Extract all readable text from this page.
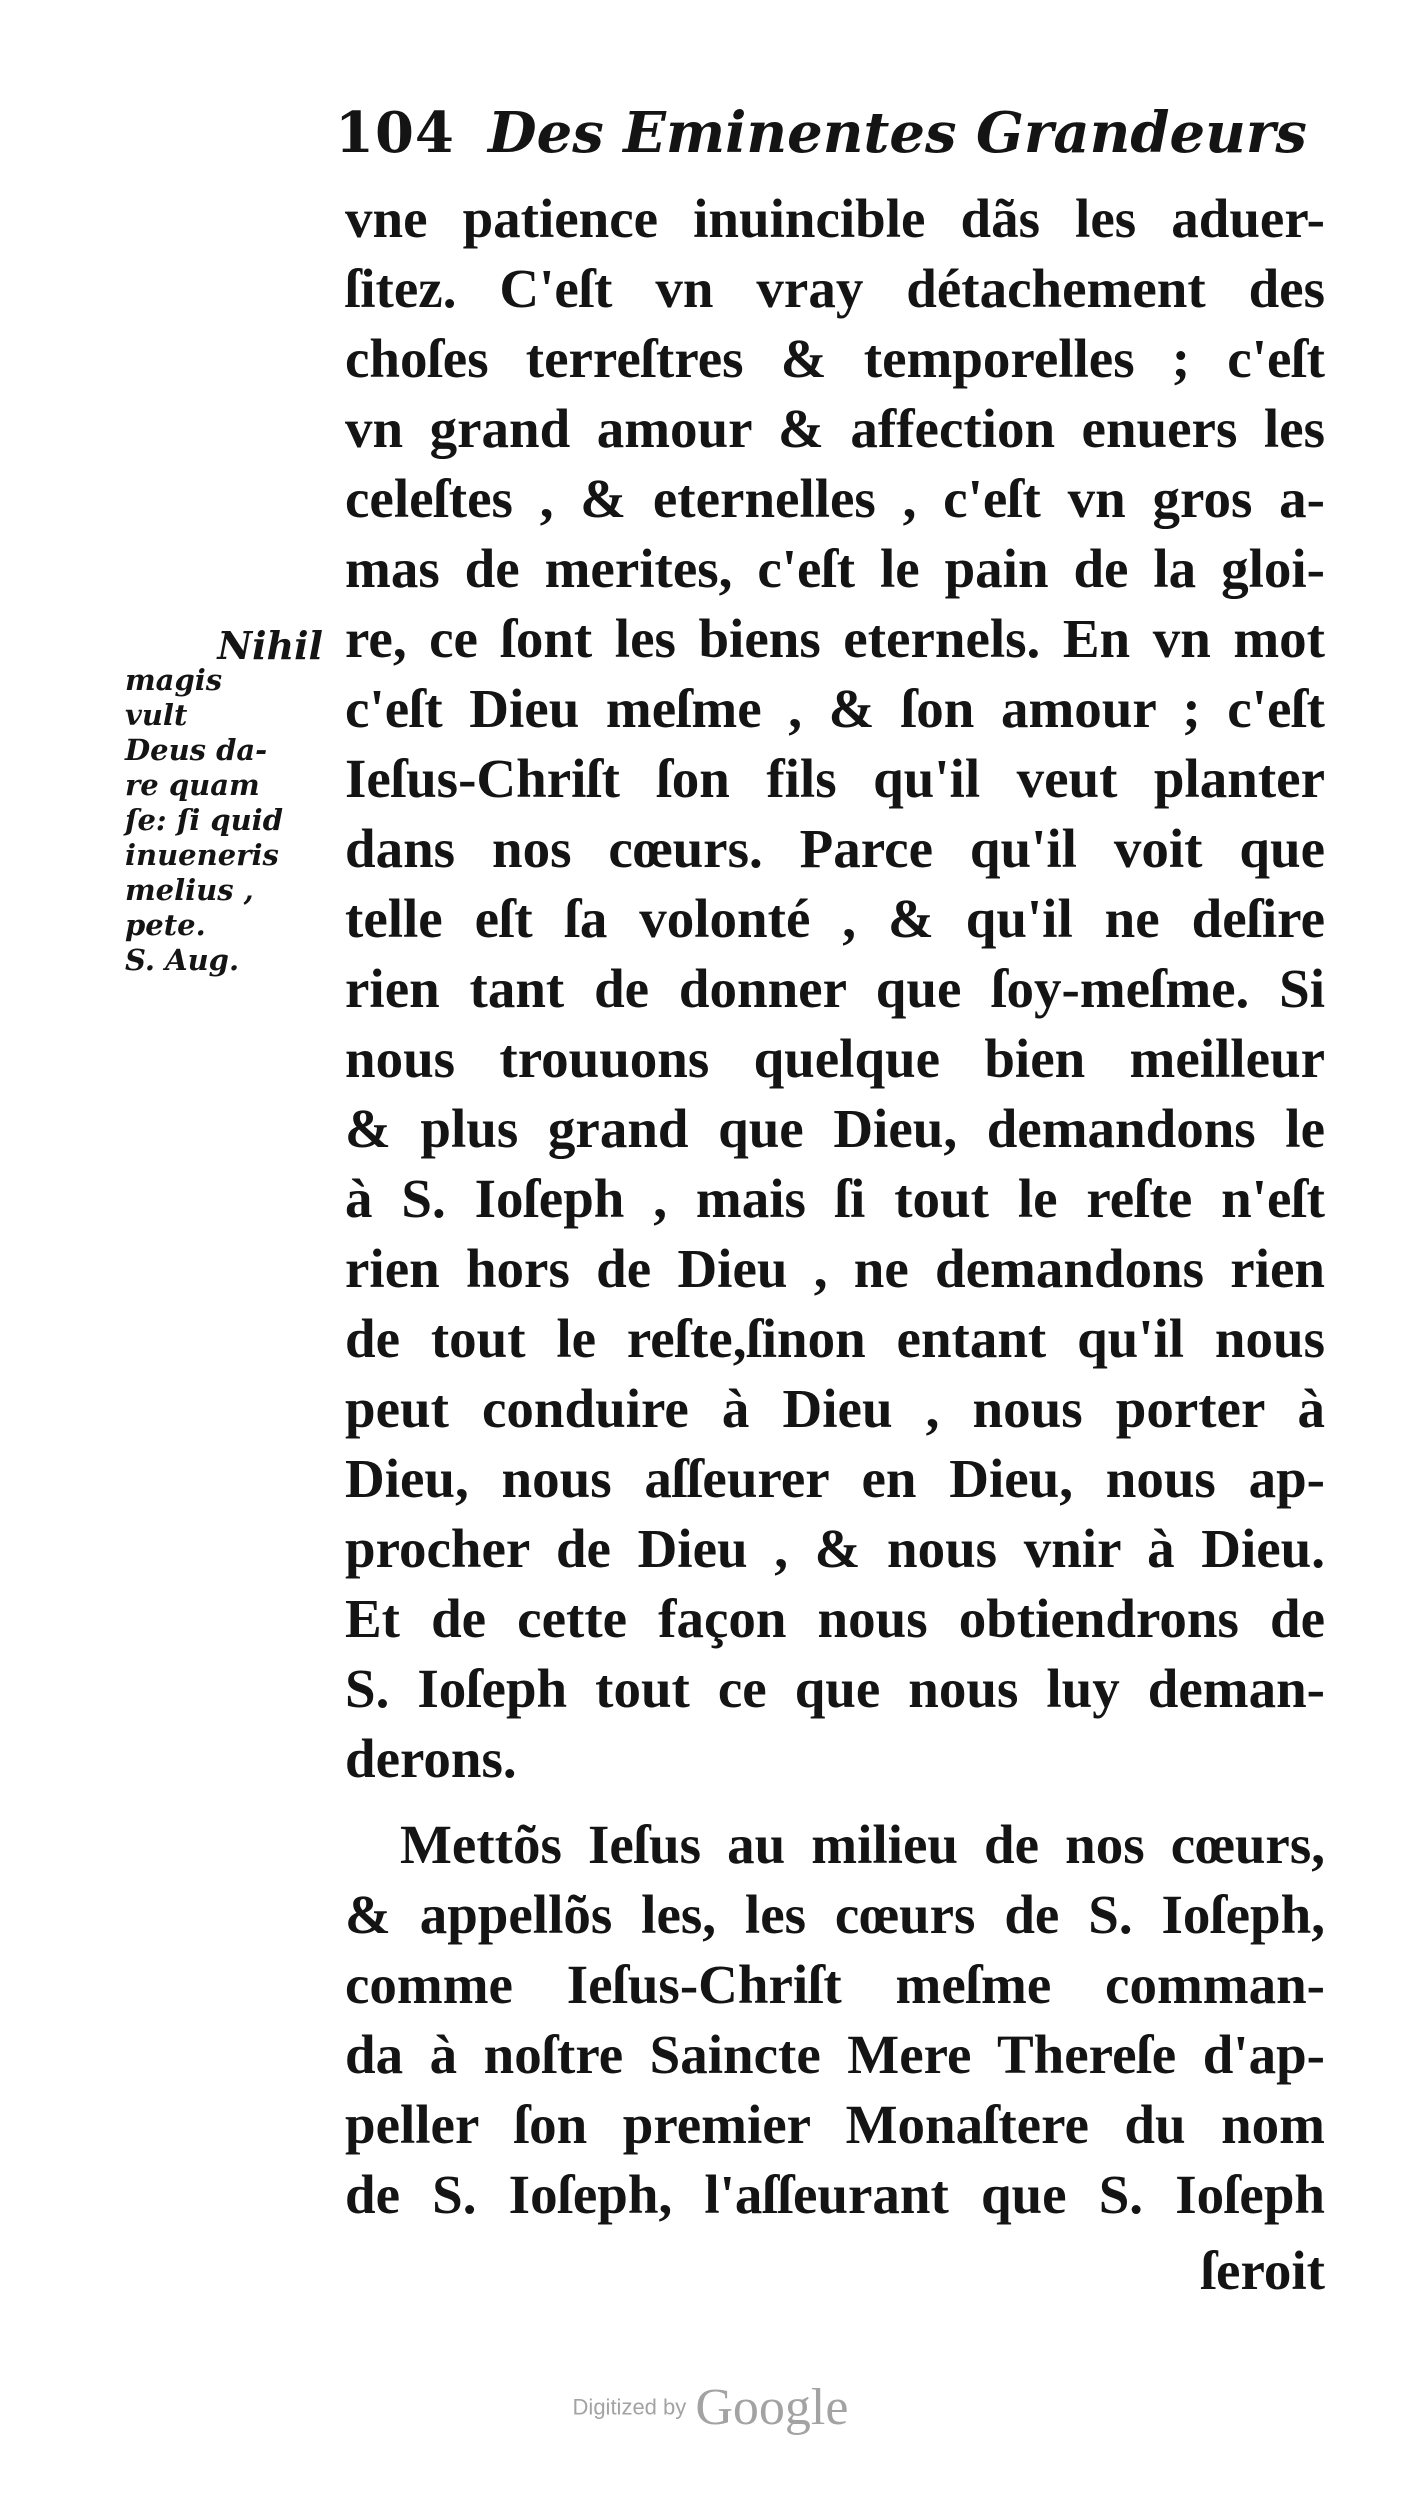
104 Des Eminentes Grandeurs
vne patience inuincible dãs les aduer-
ſitez. C'eſt vn vray détachement des
choſes terreſtres & temporelles ; c'eſt
vn grand amour & affection enuers les
celeſtes , & eternelles , c'eſt vn gros a-
mas de merites, c'eſt le pain de la gloi-
re, ce ſont les biens eternels. En vn mot
c'eſt Dieu meſme , & ſon amour ; c'eſt
Ieſus-Chriſt ſon fils qu'il veut planter
dans nos cœurs. Parce qu'il voit que
telle eſt ſa volonté , & qu'il ne deſire
rien tant de donner que ſoy-meſme. Si
nous trouuons quelque bien meilleur
& plus grand que Dieu, demandons le
à S. Ioſeph , mais ſi tout le reſte n'eſt
rien hors de Dieu , ne demandons rien
de tout le reſte,ſinon entant qu'il nous
peut conduire à Dieu , nous porter à
Dieu, nous aſſeurer en Dieu, nous ap-
procher de Dieu , & nous vnir à Dieu.
Et de cette façon nous obtiendrons de
S. Ioſeph tout ce que nous luy deman-
derons.
Mettõs Ieſus au milieu de nos cœurs,
& appellõs les, les cœurs de S. Ioſeph,
comme Ieſus-Chriſt meſme comman-
da à noſtre Saincte Mere Thereſe d'ap-
peller ſon premier Monaſtere du nom
de S. Ioſeph, l'aſſeurant que S. Ioſeph
ſeroit
Nihil
magis
vult
Deus da-
re quam
ſe: ſi quid
inueneris
melius ,
pete.
S. Aug.
Digitized by Google
